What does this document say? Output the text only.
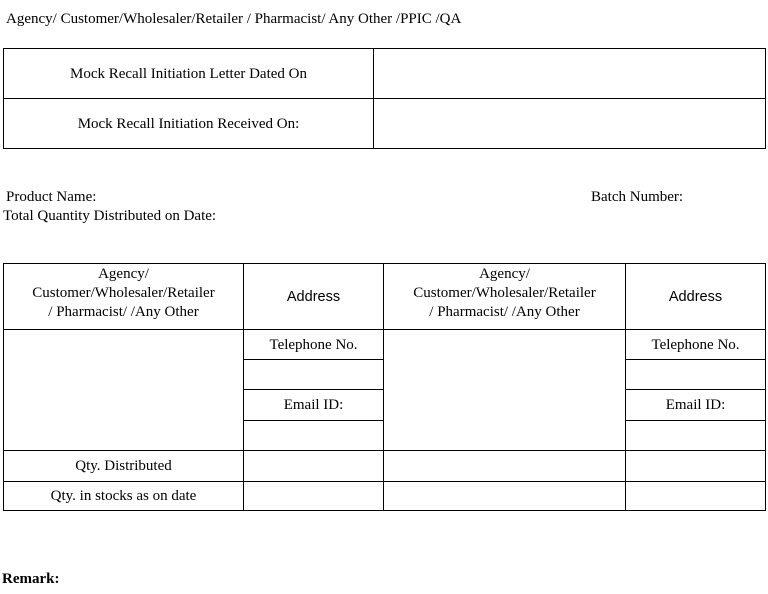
Agency/ Customer/Wholesaler/Retailer / Pharmacist/ Any Other /PPIC /QA
Mock Recall Initiation Letter Dated On
Mock Recall Initiation Received On:
Product Name:	Batch Number:
Total Quantity Distributed on Date:
Agency/
Customer/Wholesaler/Retailer
/ Pharmacist/ /Any Other
Address
Agency/
Customer/Wholesaler/Retailer
/ Pharmacist/ /Any Other
Address
Telephone No.
Email ID:
Telephone No.
Email ID:
Qty. Distributed
Qty. in stocks as on date
Remark:
